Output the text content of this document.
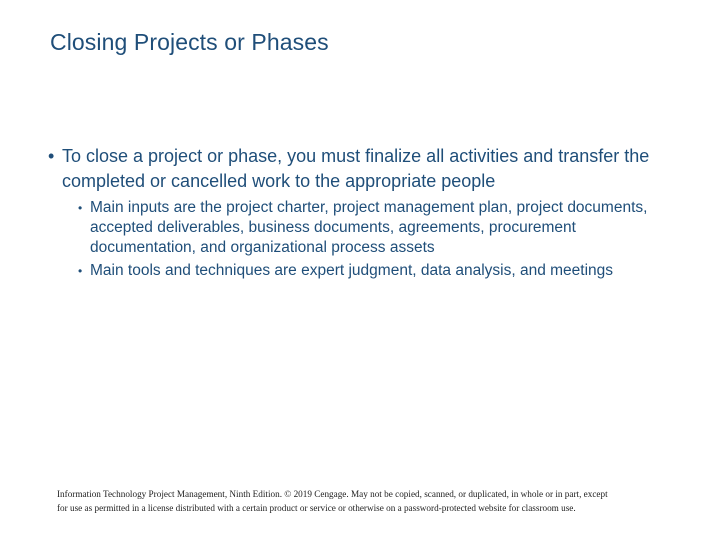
Closing Projects or Phases
• To close a project or phase, you must finalize all activities and transfer the completed or cancelled work to the appropriate people
• Main inputs are the project charter, project management plan, project documents, accepted deliverables, business documents, agreements, procurement documentation, and organizational process assets
• Main tools and techniques are expert judgment, data analysis, and meetings
Information Technology Project Management, Ninth Edition. © 2019 Cengage. May not be copied, scanned, or duplicated, in whole or in part, except
for use as permitted in a license distributed with a certain product or service or otherwise on a password-protected website for classroom use.
